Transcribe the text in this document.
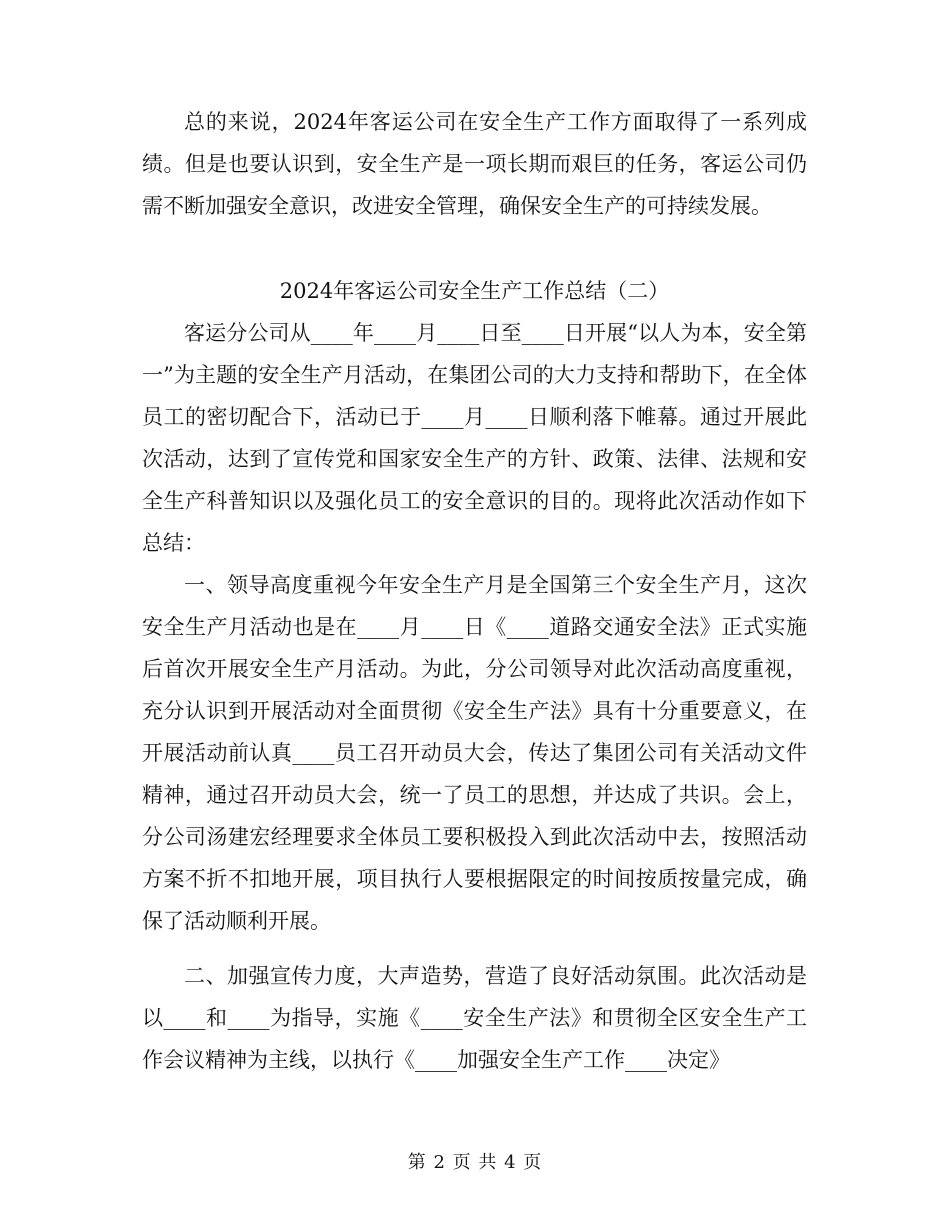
总的来说，2024年客运公司在安全生产工作方面取得了一系列成绩。但是也要认识到，安全生产是一项长期而艰巨的任务，客运公司仍需不断加强安全意识，改进安全管理，确保安全生产的可持续发展。

2024年客运公司安全生产工作总结（二）

客运分公司从____年____月____日至____日开展“以人为本，安全第一”为主题的安全生产月活动，在集团公司的大力支持和帮助下，在全体员工的密切配合下，活动已于____月____日顺利落下帷幕。通过开展此次活动，达到了宣传党和国家安全生产的方针、政策、法律、法规和安全生产科普知识以及强化员工的安全意识的目的。现将此次活动作如下总结：

一、领导高度重视今年安全生产月是全国第三个安全生产月，这次安全生产月活动也是在____月____日《____道路交通安全法》正式实施后首次开展安全生产月活动。为此，分公司领导对此次活动高度重视，充分认识到开展活动对全面贯彻《安全生产法》具有十分重要意义，在开展活动前认真____员工召开动员大会，传达了集团公司有关活动文件精神，通过召开动员大会，统一了员工的思想，并达成了共识。会上，分公司汤建宏经理要求全体员工要积极投入到此次活动中去，按照活动方案不折不扣地开展，项目执行人要根据限定的时间按质按量完成，确保了活动顺利开展。

二、加强宣传力度，大声造势，营造了良好活动氛围。此次活动是以____和____为指导，实施《____安全生产法》和贯彻全区安全生产工作会议精神为主线，以执行《____加强安全生产工作____决定》

第 2 页 共 4 页
